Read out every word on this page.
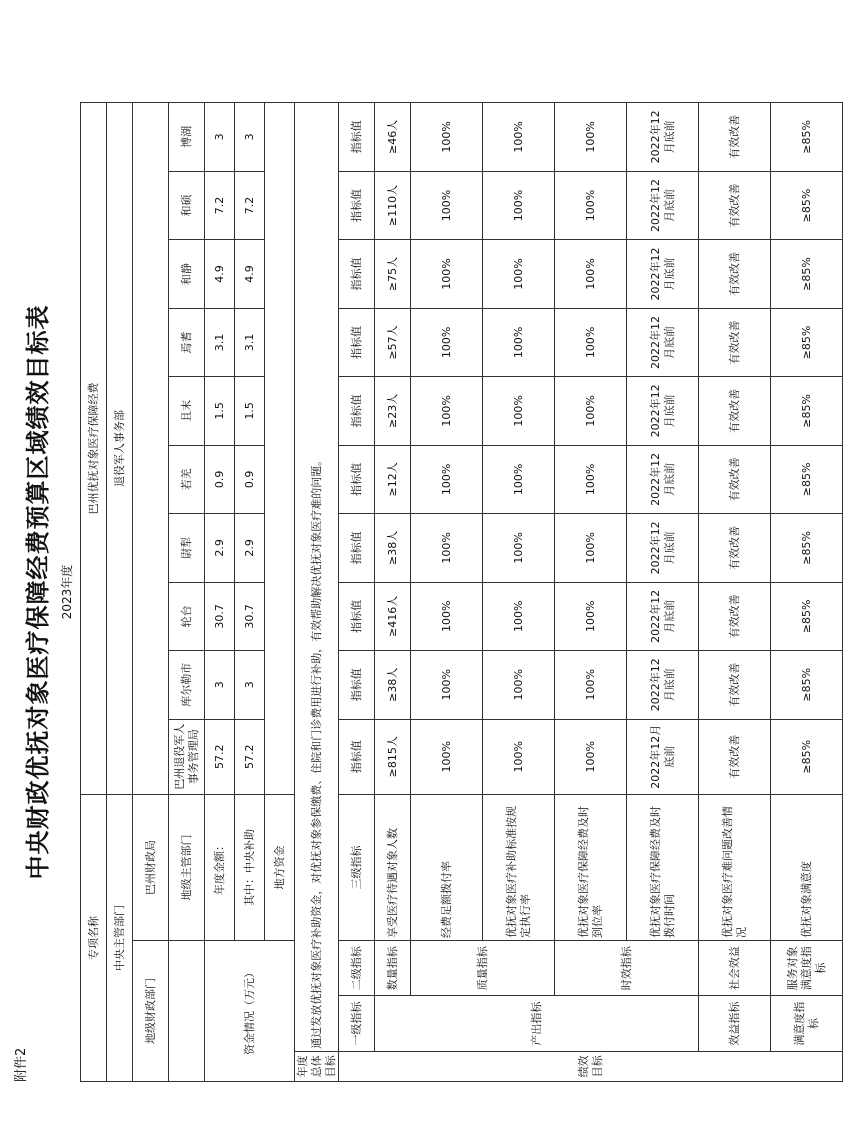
附件2
中央财政优抚对象医疗保障经费预算区域绩效目标表 2023年度
专项名称				巴州优抚对象医疗保障经费									
中央主管部门				退役军人事务部									
地级财政部门			巴州财政局										
			地级主管部门	巴州退役军人事务管理局	库尔勒市	轮台	尉犁	若羌	且末	焉耆	和静	和硕	博湖
资金情况（万元）			年度金额：	57.2	3	30.7	2.9	0.9	1.5	3.1	4.9	7.2	3
			其中：中央补助	57.2	3	30.7	2.9	0.9	1.5	3.1	4.9	7.2	3
			地方资金										
年度总体目标	通过发放优抚对象医疗补助资金，对优抚对象参保缴费、住院和门诊费用进行补助，有效帮助解决优抚对象医疗难的问题。												
绩效目标	一级指标	二级指标	三级指标	指标值	指标值	指标值	指标值	指标值	指标值	指标值	指标值	指标值	指标值
	产出指标	数量指标	享受医疗待遇对象人数	≥815人	≥38人	≥416人	≥38人	≥12人	≥23人	≥57人	≥75人	≥110人	≥46人
		质量指标	经费足额拨付率	100%	100%	100%	100%	100%	100%	100%	100%	100%	100%
			优抚对象医疗补助标准按规定执行率	100%	100%	100%	100%	100%	100%	100%	100%	100%	100%
		时效指标	优抚对象医疗保障经费及时到位率	100%	100%	100%	100%	100%	100%	100%	100%	100%	100%
			优抚对象医疗保障经费及时拨付时间	2022年12月底前	2022年12月底前	2022年12月底前	2022年12月底前	2022年12月底前	2022年12月底前	2022年12月底前	2022年12月底前	2022年12月底前	2022年12月底前
	效益指标	社会效益	优抚对象医疗难问题改善情况	有效改善	有效改善	有效改善	有效改善	有效改善	有效改善	有效改善	有效改善	有效改善	有效改善
	满意度指标	服务对象满意度指标	优抚对象满意度	≥85%	≥85%	≥85%	≥85%	≥85%	≥85%	≥85%	≥85%	≥85%	≥85%
